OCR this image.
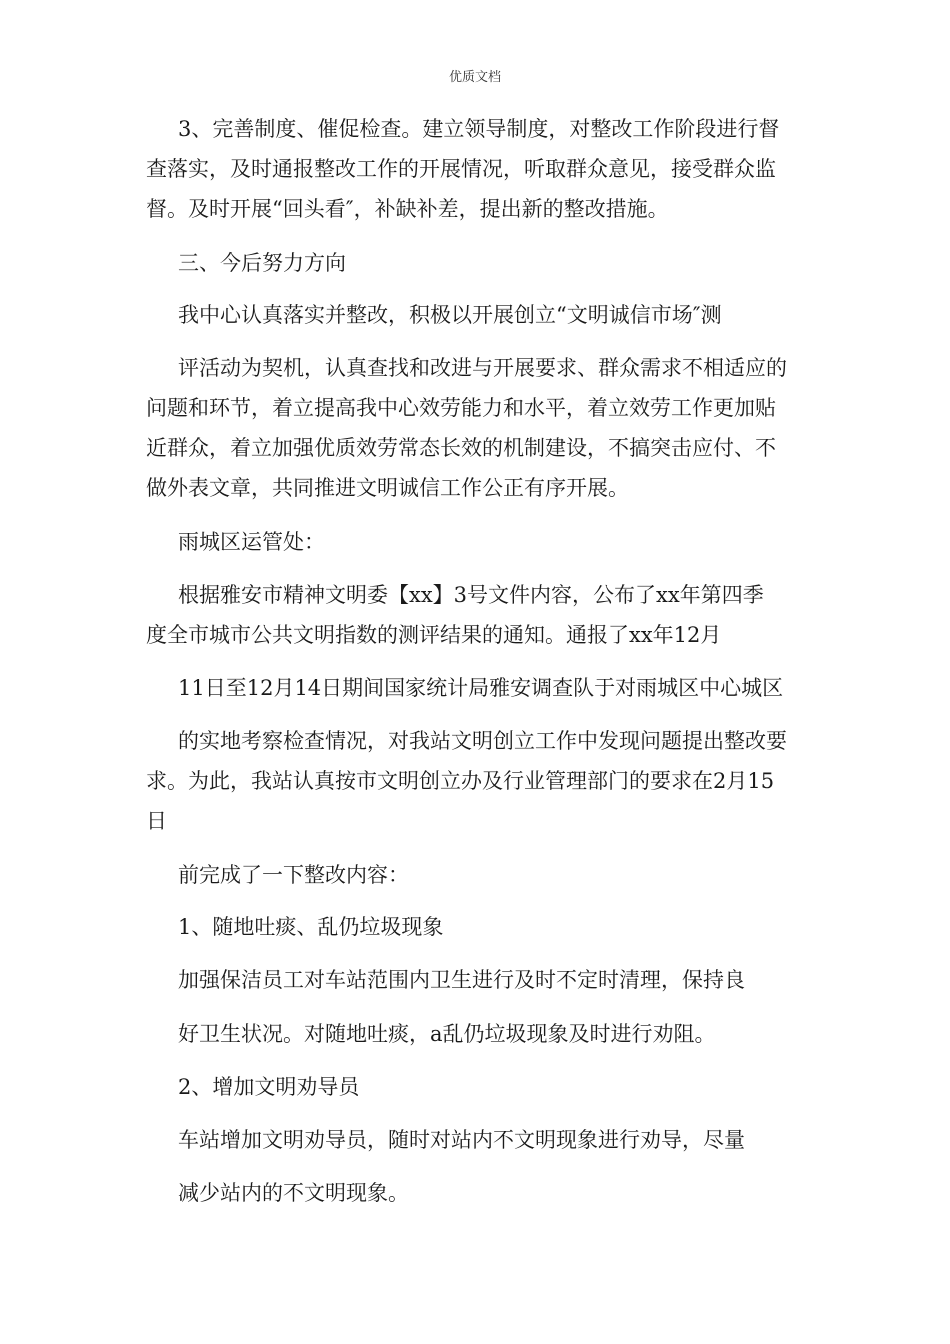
优质文档
3、完善制度、催促检查。建立领导制度，对整改工作阶段进行督
查落实，及时通报整改工作的开展情况，听取群众意见，接受群众监
督。及时开展“回头看″，补缺补差，提出新的整改措施。
三、今后努力方向
我中心认真落实并整改，积极以开展创立“文明诚信市场″测
评活动为契机，认真查找和改进与开展要求、群众需求不相适应的
问题和环节，着立提高我中心效劳能力和水平，着立效劳工作更加贴
近群众，着立加强优质效劳常态长效的机制建设，不搞突击应付、不
做外表文章，共同推进文明诚信工作公正有序开展。
雨城区运管处：
根据雅安市精神文明委【xx】3号文件内容，公布了xx年第四季
度全市城市公共文明指数的测评结果的通知。通报了xx年12月
11日至12月14日期间国家统计局雅安调查队于对雨城区中心城区
的实地考察检查情况，对我站文明创立工作中发现问题提出整改要
求。为此，我站认真按市文明创立办及行业管理部门的要求在2月15
日
前完成了一下整改内容：
1、随地吐痰、乱仍垃圾现象
加强保洁员工对车站范围内卫生进行及时不定时清理，保持良
好卫生状况。对随地吐痰，a乱仍垃圾现象及时进行劝阻。
2、增加文明劝导员
车站增加文明劝导员，随时对站内不文明现象进行劝导，尽量
减少站内的不文明现象。
